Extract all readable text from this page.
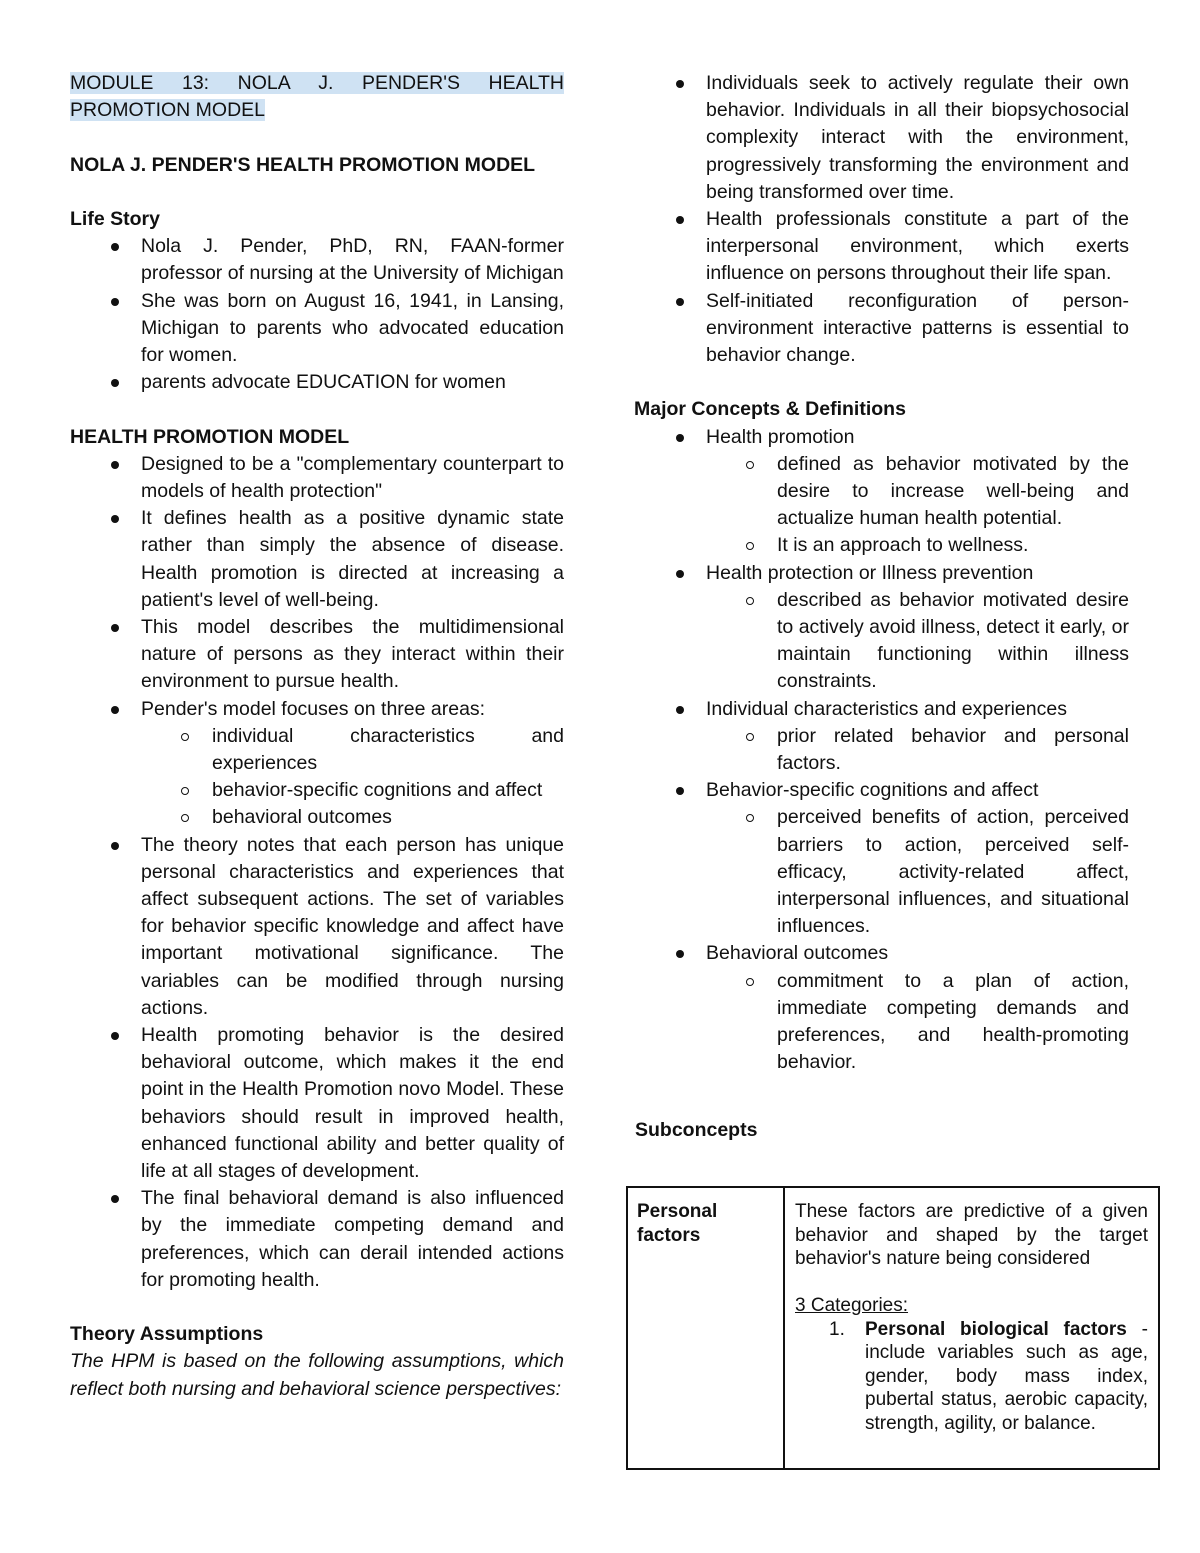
MODULE 13: NOLA J. PENDER'S HEALTH PROMOTION MODEL

NOLA J. PENDER'S HEALTH PROMOTION MODEL

Life Story

Nola J. Pender, PhD, RN, FAAN-former professor of nursing at the University of Michigan
She was born on August 16, 1941, in Lansing, Michigan to parents who advocated education for women.
parents advocate EDUCATION for women

HEALTH PROMOTION MODEL

Designed to be a "complementary counterpart to models of health protection"
It defines health as a positive dynamic state rather than simply the absence of disease. Health promotion is directed at increasing a patient's level of well-being.
This model describes the multidimensional nature of persons as they interact within their environment to pursue health.
Pender's model focuses on three areas:
individual characteristics and experiences
behavior-specific cognitions and affect
behavioral outcomes
The theory notes that each person has unique personal characteristics and experiences that affect subsequent actions. The set of variables for behavior specific knowledge and affect have important motivational significance. The variables can be modified through nursing actions.
Health promoting behavior is the desired behavioral outcome, which makes it the end point in the Health Promotion novo Model. These behaviors should result in improved health, enhanced functional ability and better quality of life at all stages of development.
The final behavioral demand is also influenced by the immediate competing demand and preferences, which can derail intended actions for promoting health.

Theory Assumptions

The HPM is based on the following assumptions, which reflect both nursing and behavioral science perspectives:

Individuals seek to actively regulate their own behavior. Individuals in all their biopsychosocial complexity interact with the environment, progressively transforming the environment and being transformed over time.
Health professionals constitute a part of the interpersonal environment, which exerts influence on persons throughout their life span.
Self-initiated reconfiguration of person-environment interactive patterns is essential to behavior change.

Major Concepts & Definitions

Health promotion
defined as behavior motivated by the desire to increase well-being and actualize human health potential.
It is an approach to wellness.
Health protection or Illness prevention
described as behavior motivated desire to actively avoid illness, detect it early, or maintain functioning within illness constraints.
Individual characteristics and experiences
prior related behavior and personal factors.
Behavior-specific cognitions and affect
perceived benefits of action, perceived barriers to action, perceived self-efficacy, activity-related affect, interpersonal influences, and situational influences.
Behavioral outcomes
commitment to a plan of action, immediate competing demands and preferences, and health-promoting behavior.

Subconcepts

Personal factors

These factors are predictive of a given behavior and shaped by the target behavior's nature being considered

3 Categories:

1. Personal biological factors - include variables such as age, gender, body mass index, pubertal status, aerobic capacity, strength, agility, or balance.
